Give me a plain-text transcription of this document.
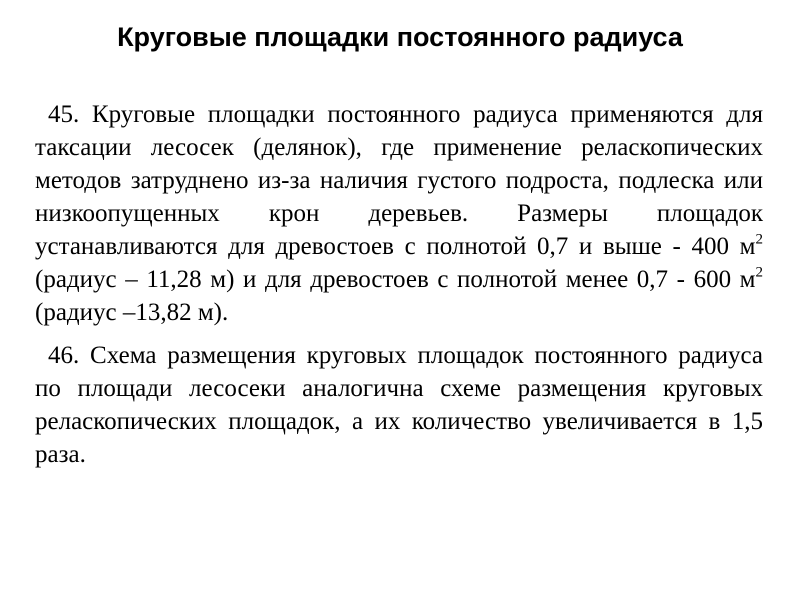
Круговые площадки постоянного радиуса

45. Круговые площадки постоянного радиуса применяются для таксации лесосек (делянок), где применение реласкопических методов затруднено из-за наличия густого подроста, подлеска или низкоопущенных крон деревьев. Размеры площадок устанавливаются для древостоев с полнотой 0,7 и выше - 400 $м^2$ (радиус – 11,28 м) и для древостоев с полнотой менее 0,7 - 600 $м^2$ (радиус –13,82 м).

46. Схема размещения круговых площадок постоянного радиуса по площади лесосеки аналогична схеме размещения круговых реласкопических площадок, а их количество увеличивается в 1,5 раза.
